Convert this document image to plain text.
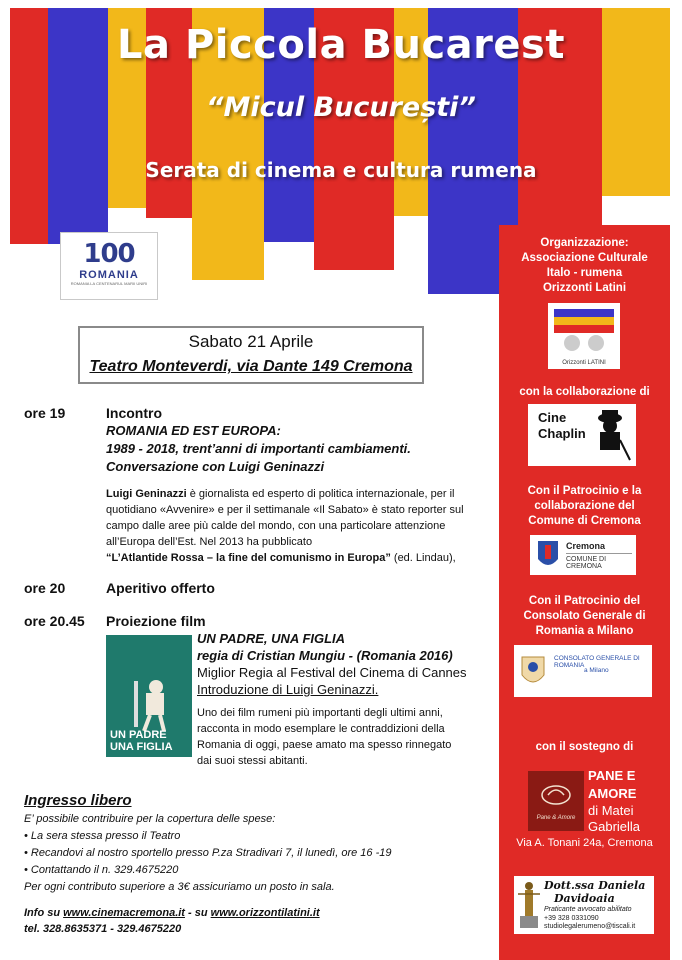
La Piccola Bucarest
“Micul București”
Serata di cinema e cultura rumena
100
ROMANIA
ROMANIA LA CENTENARUL MARII UNIRI
Sabato 21 Aprile
Teatro Monteverdi, via Dante 149 Cremona
ore 19	Incontro
ROMANIA ED EST EUROPA:
1989 - 2018, trent’anni di importanti cambiamenti.
Conversazione con Luigi Geninazzi
Luigi Geninazzi è giornalista ed esperto di politica internazionale, per il
quotidiano «Avvenire» e per il settimanale «Il Sabato» è stato reporter sul
campo dalle aree più calde del mondo, con una particolare attenzione
all’Europa dell’Est. Nel 2013 ha pubblicato
“L’Atlantide Rossa – la fine del comunismo in Europa” (ed. Lindau),
ore 20	Aperitivo offerto
ore 20.45 Proiezione film
UN PADRE
UNA FIGLIA
UN PADRE, UNA FIGLIA
regia di Cristian Mungiu - (Romania 2016)
Miglior Regia al Festival del Cinema di Cannes
Introduzione di Luigi Geninazzi.
Uno dei film rumeni più importanti degli ultimi anni,
racconta in modo esemplare le contraddizioni della
Romania di oggi, paese amato ma spesso rinnegato
dai suoi stessi abitanti.
Ingresso libero
E’ possibile contribuire per la copertura delle spese:
• La sera stessa presso il Teatro
• Recandovi al nostro sportello presso P.za Stradivari 7, il lunedì, ore 16 -19
• Contattando il n. 329.4675220
Per ogni contributo superiore a 3€ assicuriamo un posto in sala.
Info su www.cinemacremona.it - su www.orizzontilatini.it
tel. 328.8635371 - 329.4675220
Organizzazione:
Associazione Culturale
Italo - rumena
Orizzonti Latini
Orizzonti LATINI
con la collaborazione di
Cine
Chaplin
Con il Patrocinio e la
collaborazione del
Comune di Cremona
Cremona
COMUNE DI CREMONA
Con il Patrocinio del
Consolato Generale di
Romania a Milano
CONSOLATO GENERALE DI ROMANIA
a Milano
con il sostegno di
Pane & Amore
PANE E
AMORE
di Matei
Gabriella
Via A. Tonani 24a, Cremona
Dott.ssa Daniela
Davidoaia
Praticante avvocato abilitato
+39 328 0331090
studiolegalerumeno@tiscali.it
